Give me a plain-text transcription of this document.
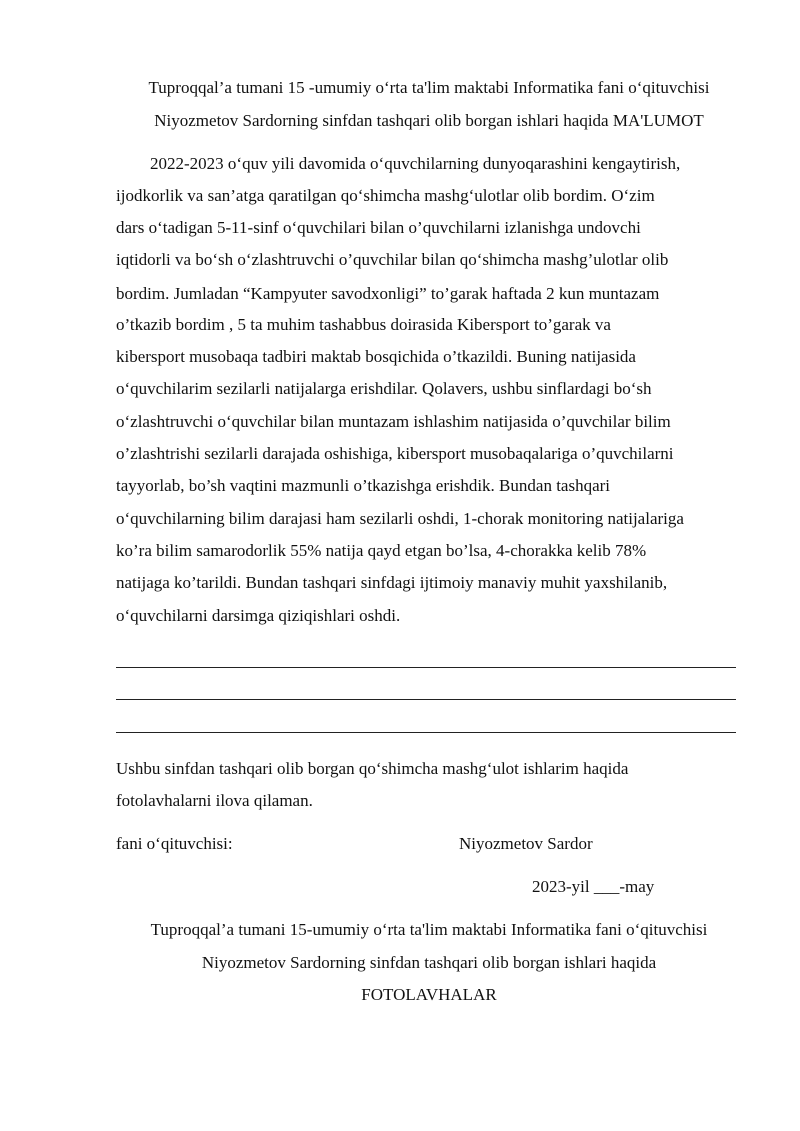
Tuproqqal’a tumani 15 -umumiy o‘rta ta'lim maktabi Informatika fani o‘qituvchisi
Niyozmetov Sardorning sinfdan tashqari olib borgan ishlari haqida MA'LUMOT
2022-2023 o‘quv yili davomida o‘quvchilarning dunyoqarashini kengaytirish,
ijodkorlik va san’atga qaratilgan qo‘shimcha mashg‘ulotlar olib bordim. O‘zim
dars o‘tadigan 5-11-sinf o‘quvchilari bilan o’quvchilarni izlanishga undovchi
iqtidorli va bo‘sh o‘zlashtruvchi o’quvchilar bilan qo‘shimcha mashg’ulotlar olib
bordim. Jumladan “Kampyuter savodxonligi” to’garak haftada 2 kun muntazam
o’tkazib bordim , 5 ta muhim tashabbus doirasida Kibersport to’garak va
kibersport musobaqa tadbiri maktab bosqichida o’tkazildi. Buning natijasida
o‘quvchilarim sezilarli natijalarga erishdilar. Qolavers, ushbu sinflardagi bo‘sh
o‘zlashtruvchi o‘quvchilar bilan muntazam ishlashim natijasida o’quvchilar bilim
o’zlashtrishi sezilarli darajada oshishiga, kibersport musobaqalariga o’quvchilarni
tayyorlab, bo’sh vaqtini mazmunli o’tkazishga erishdik. Bundan tashqari
o‘quvchilarning bilim darajasi ham sezilarli oshdi, 1-chorak monitoring natijalariga
ko’ra bilim samarodorlik 55% natija qayd etgan bo’lsa, 4-chorakka kelib 78%
natijaga ko’tarildi. Bundan tashqari sinfdagi ijtimoiy manaviy muhit yaxshilanib,
o‘quvchilarni darsimga qiziqishlari oshdi.
Ushbu sinfdan tashqari olib borgan qo‘shimcha mashg‘ulot ishlarim haqida
fotolavhalarni ilova qilaman.
fani o‘qituvchisi:	Niyozmetov Sardor
2023-yil ___-may
Tuproqqal’a tumani 15-umumiy o‘rta ta'lim maktabi Informatika fani o‘qituvchisi
Niyozmetov Sardorning sinfdan tashqari olib borgan ishlari haqida
FOTOLAVHALAR
